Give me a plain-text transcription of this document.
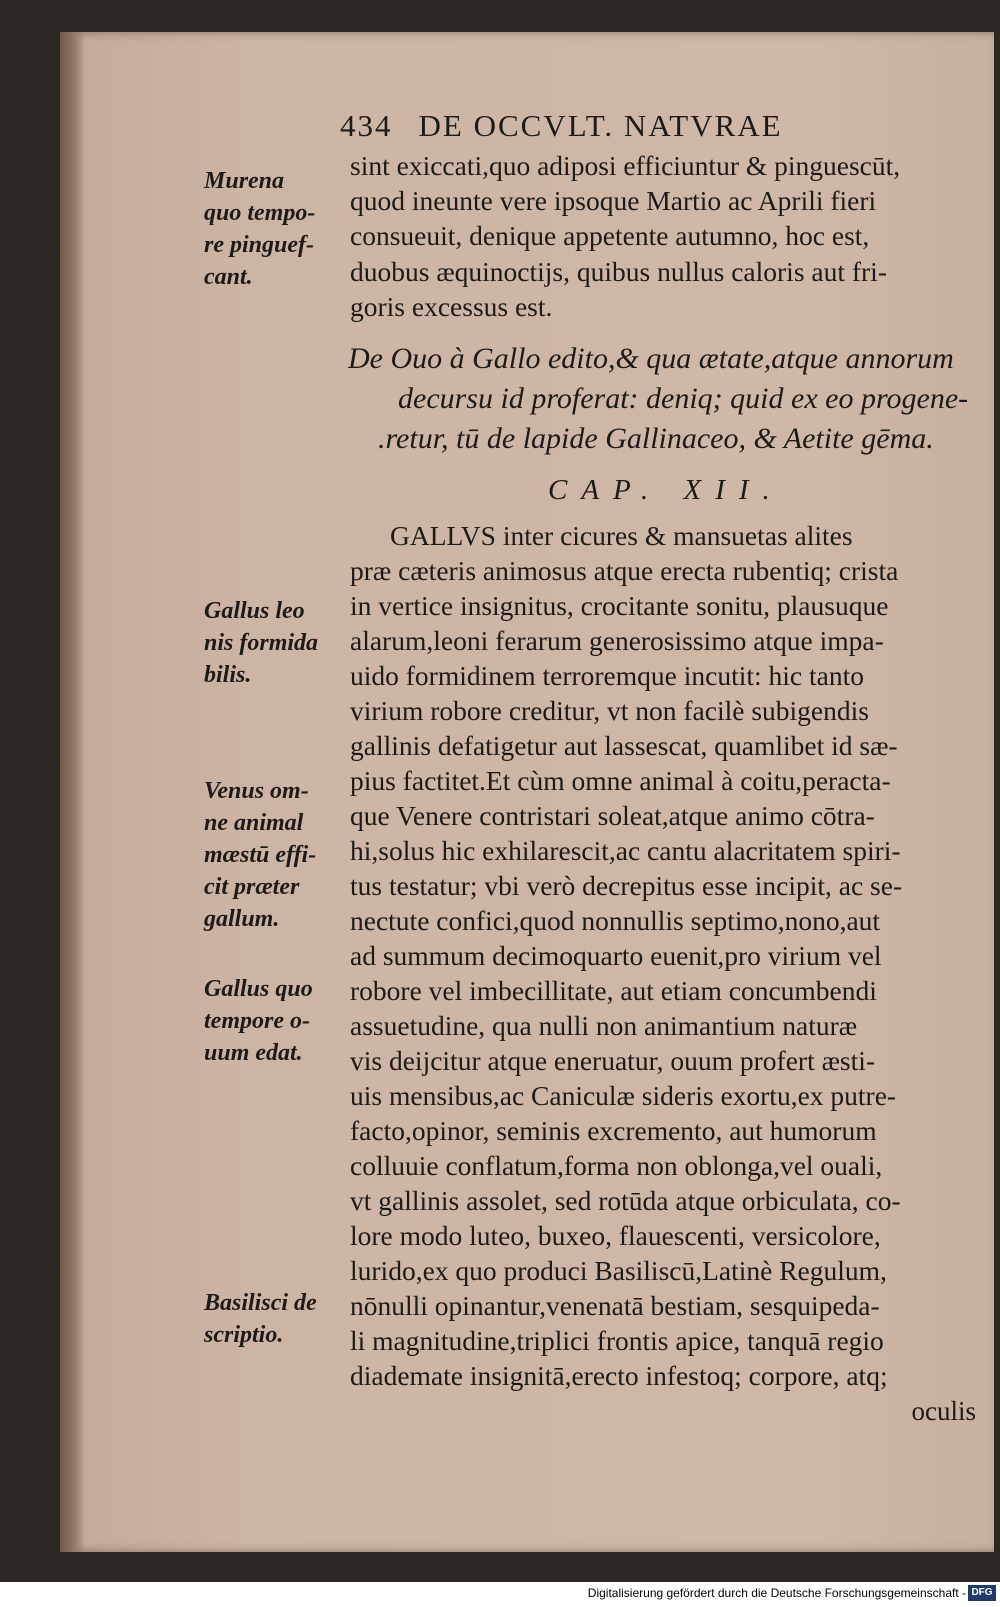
434 DE OCCVLT. NATVRAE
sint exiccati,quo adiposi efficiuntur & pinguescūt,
quod ineunte vere ipsoque Martio ac Aprili fieri
consueuit, denique appetente autumno, hoc est,
duobus æquinoctijs, quibus nullus caloris aut fri-
goris excessus est.
De Ouo à Gallo edito,& qua ætate,atque annorum
decursu id proferat: deniq; quid ex eo progene-
.retur, tū de lapide Gallinaceo, & Aetite gēma.
CAP. XII.
GALLVS inter cicures & mansuetas alites
præ cæteris animosus atque erecta rubentiq; crista
in vertice insignitus, crocitante sonitu, plausuque
alarum,leoni ferarum generosissimo atque impa-
uido formidinem terroremque incutit: hic tanto
virium robore creditur, vt non facilè subigendis
gallinis defatigetur aut lassescat, quamlibet id sæ-
pius factitet.Et cùm omne animal à coitu,peracta-
que Venere contristari soleat,atque animo cōtra-
hi,solus hic exhilarescit,ac cantu alacritatem spiri-
tus testatur; vbi verò decrepitus esse incipit, ac se-
nectute confici,quod nonnullis septimo,nono,aut
ad summum decimoquarto euenit,pro virium vel
robore vel imbecillitate, aut etiam concumbendi
assuetudine, qua nulli non animantium naturæ
vis deijcitur atque eneruatur, ouum profert æsti-
uis mensibus,ac Caniculæ sideris exortu,ex putre-
facto,opinor, seminis excremento, aut humorum
colluuie conflatum,forma non oblonga,vel ouali,
vt gallinis assolet, sed rotūda atque orbiculata, co-
lore modo luteo, buxeo, flauescenti, versicolore,
lurido,ex quo produci Basiliscū,Latinè Regulum,
nōnulli opinantur,venenatā bestiam, sesquipeda-
li magnitudine,triplici frontis apice, tanquā regio
diademate insignitā,erecto infestoq; corpore, atq;
oculis
Murena
quo tempo-
re pinguef-
cant.
Gallus leo
nis formida
bilis.
Venus om-
ne animal
mæstū effi-
cit præter
gallum.
Gallus quo
tempore o-
uum edat.
Basilisci de
scriptio.
Digitalisierung gefördert durch die Deutsche Forschungsgemeinschaft - DFG
